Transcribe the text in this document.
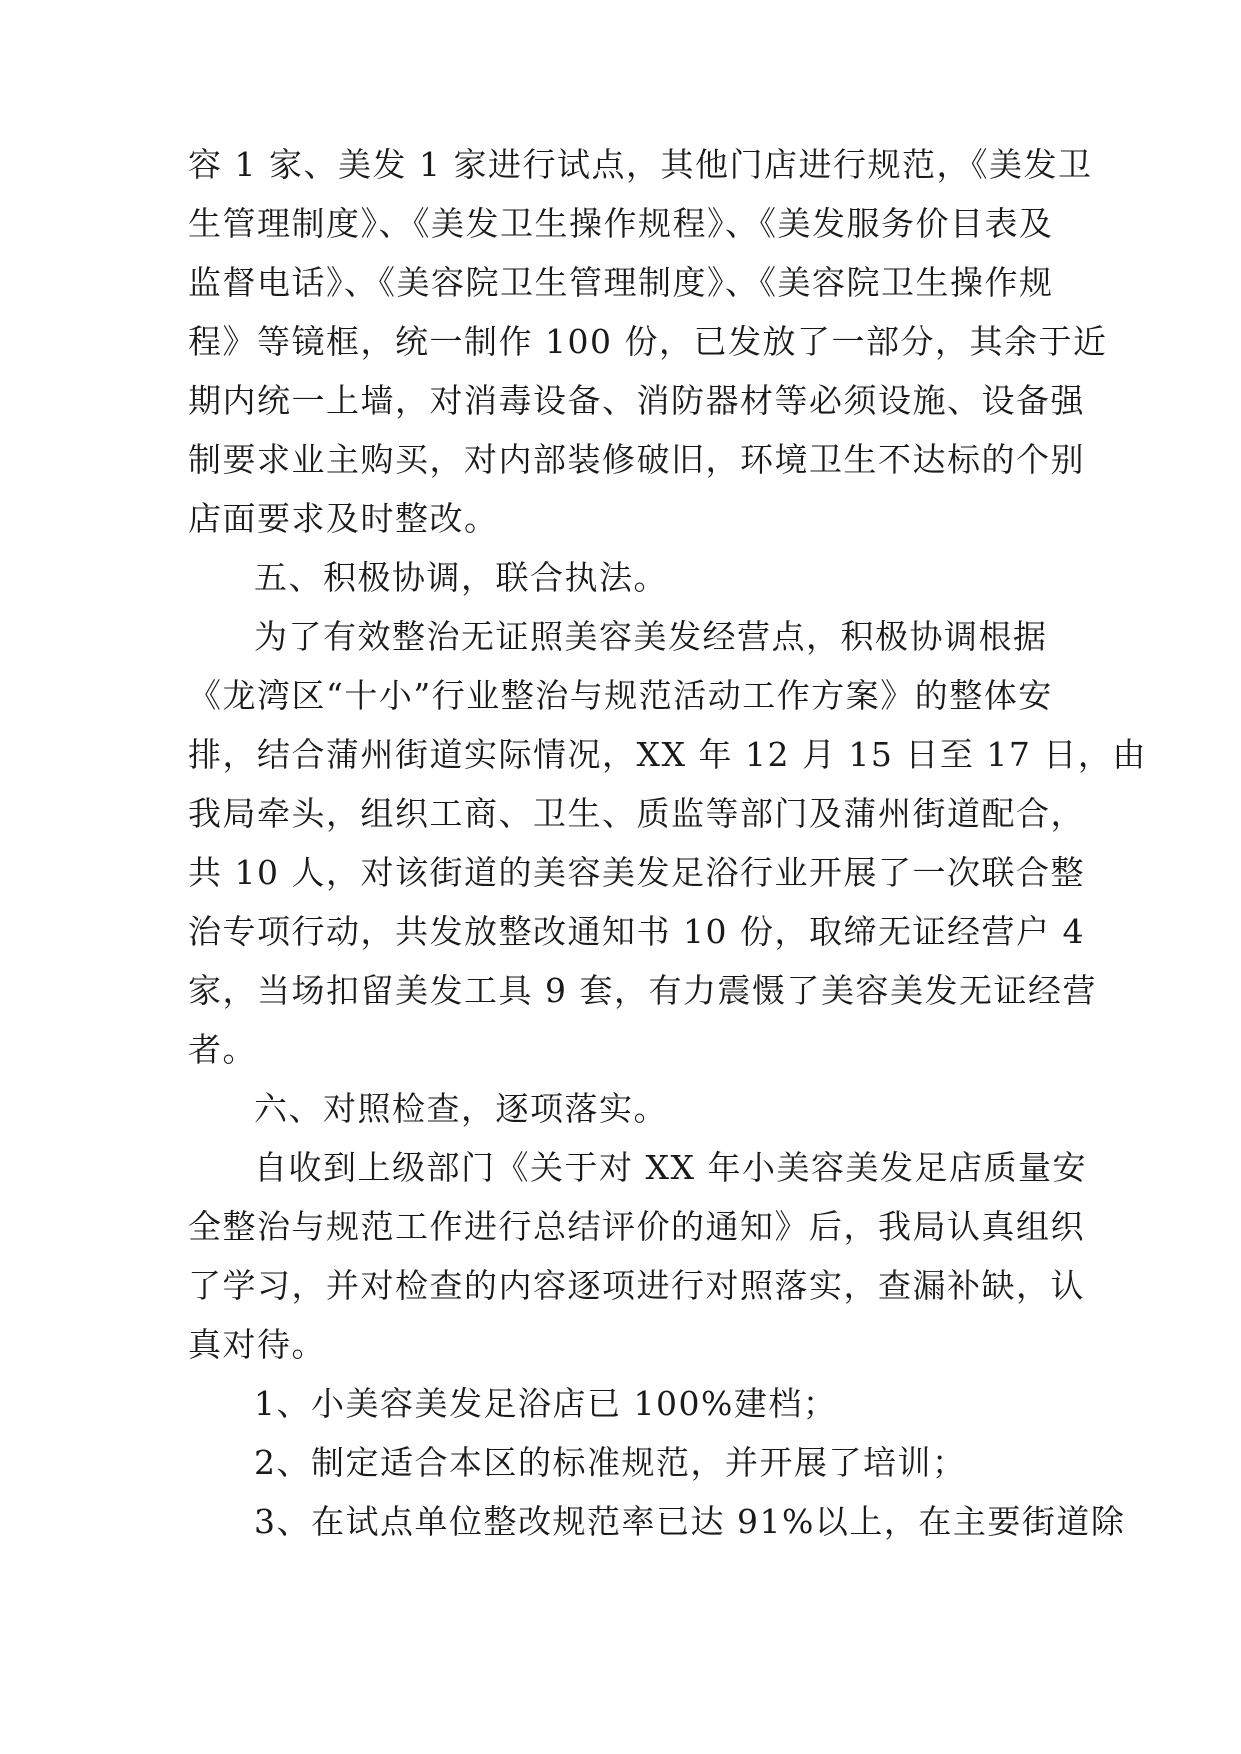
容 1 家、美发 1 家进行试点，其他门店进行规范，《美发卫
生管理制度》、《美发卫生操作规程》、《美发服务价目表及
监督电话》、《美容院卫生管理制度》、《美容院卫生操作规
程》等镜框，统一制作 100 份，已发放了一部分，其余于近
期内统一上墙，对消毒设备、消防器材等必须设施、设备强
制要求业主购买，对内部装修破旧，环境卫生不达标的个别
店面要求及时整改。
五、积极协调，联合执法。
为了有效整治无证照美容美发经营点，积极协调根据
《龙湾区“十小”行业整治与规范活动工作方案》的整体安
排，结合蒲州街道实际情况，XX 年 12 月 15 日至 17 日，由
我局牵头，组织工商、卫生、质监等部门及蒲州街道配合，
共 10 人，对该街道的美容美发足浴行业开展了一次联合整
治专项行动，共发放整改通知书 10 份，取缔无证经营户 4
家，当场扣留美发工具 9 套，有力震慑了美容美发无证经营
者。
六、对照检查，逐项落实。
自收到上级部门《关于对 XX 年小美容美发足店质量安
全整治与规范工作进行总结评价的通知》后，我局认真组织
了学习，并对检查的内容逐项进行对照落实，查漏补缺，认
真对待。
1、小美容美发足浴店已 100%建档；
2、制定适合本区的标准规范，并开展了培训；
3、在试点单位整改规范率已达 91%以上，在主要街道除
